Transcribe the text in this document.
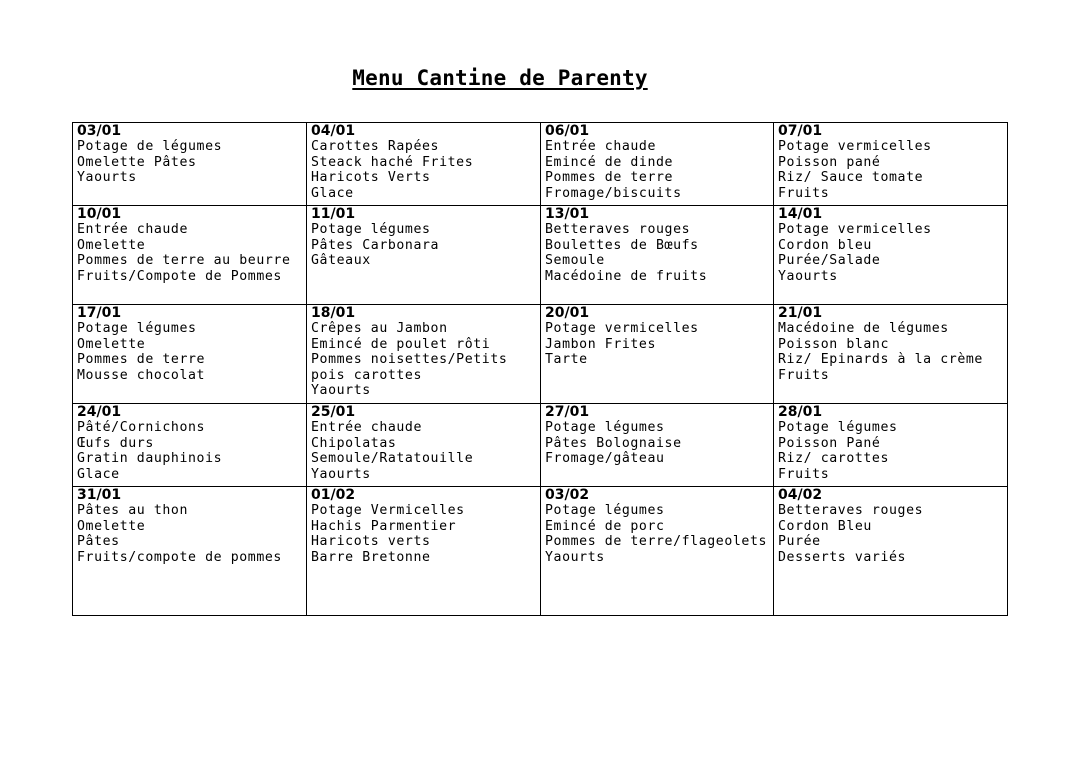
Menu Cantine de Parenty
03/01
Potage de légumes
Omelette Pâtes
Yaourts	04/01
Carottes Rapées
Steack haché Frites
Haricots Verts
Glace	06/01
Entrée chaude
Emincé de dinde
Pommes de terre
Fromage/biscuits	07/01
Potage vermicelles
Poisson pané
Riz/ Sauce tomate
Fruits

10/01
Entrée chaude
Omelette
Pommes de terre au beurre
Fruits/Compote de Pommes	11/01
Potage légumes
Pâtes Carbonara
Gâteaux	13/01
Betteraves rouges
Boulettes de Bœufs
Semoule
Macédoine de fruits	14/01
Potage vermicelles
Cordon bleu
Purée/Salade
Yaourts

17/01
Potage légumes
Omelette
Pommes de terre
Mousse chocolat	18/01
Crêpes au Jambon
Emincé de poulet rôti
Pommes noisettes/Petits pois carottes
Yaourts	20/01
Potage vermicelles
Jambon Frites
Tarte	21/01
Macédoine de légumes
Poisson blanc
Riz/ Epinards à la crème
Fruits

24/01
Pâté/Cornichons
Œufs durs
Gratin dauphinois
Glace	25/01
Entrée chaude
Chipolatas
Semoule/Ratatouille
Yaourts	27/01
Potage légumes
Pâtes Bolognaise
Fromage/gâteau	28/01
Potage légumes
Poisson Pané
Riz/ carottes
Fruits

31/01
Pâtes au thon
Omelette
Pâtes
Fruits/compote de pommes	01/02
Potage Vermicelles
Hachis Parmentier
Haricots verts
Barre Bretonne	03/02
Potage légumes
Emincé de porc
Pommes de terre/flageolets
Yaourts	04/02
Betteraves rouges
Cordon Bleu
Purée
Desserts variés
